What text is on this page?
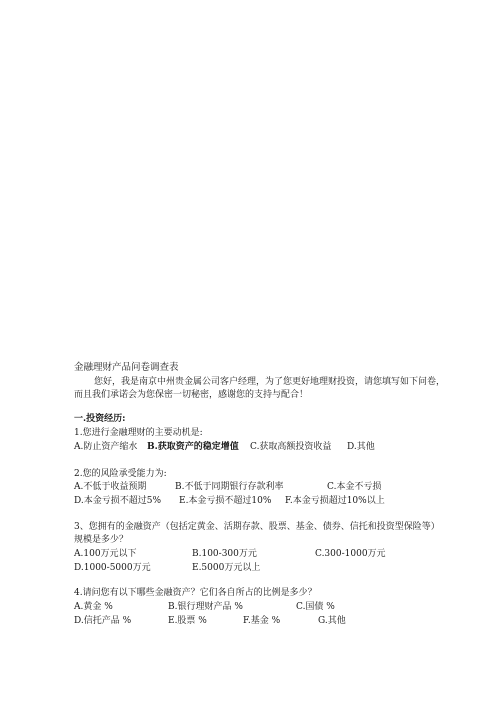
金融理财产品问卷调查表
您好，我是南京中州贵金属公司客户经理，为了您更好地理财投资，请您填写如下问卷，
而且我们承诺会为您保密一切秘密，感谢您的支持与配合！
一.投资经历:
1.您进行金融理财的主要动机是:
A.防止资产缩水 B.获取资产的稳定增值 C.获取高额投资收益 D.其他
2.您的风险承受能力为:
A.不低于收益预期	B.不低于同期银行存款利率	C.本金不亏损
D.本金亏损不超过5% E.本金亏损不超过10% F.本金亏损超过10%以上
3、您拥有的金融资产（包括定黄金、活期存款、股票、基金、债券、信托和投资型保险等）
规模是多少？
A.100万元以下	B.100-300万元	C.300-1000万元
D.1000-5000万元	E.5000万元以上
4.请问您有以下哪些金融资产？它们各自所占的比例是多少？
A.黄金 %	B.银行理财产品 %	C.国债 %
D.信托产品 %	E.股票 %	F.基金 %	G.其他
